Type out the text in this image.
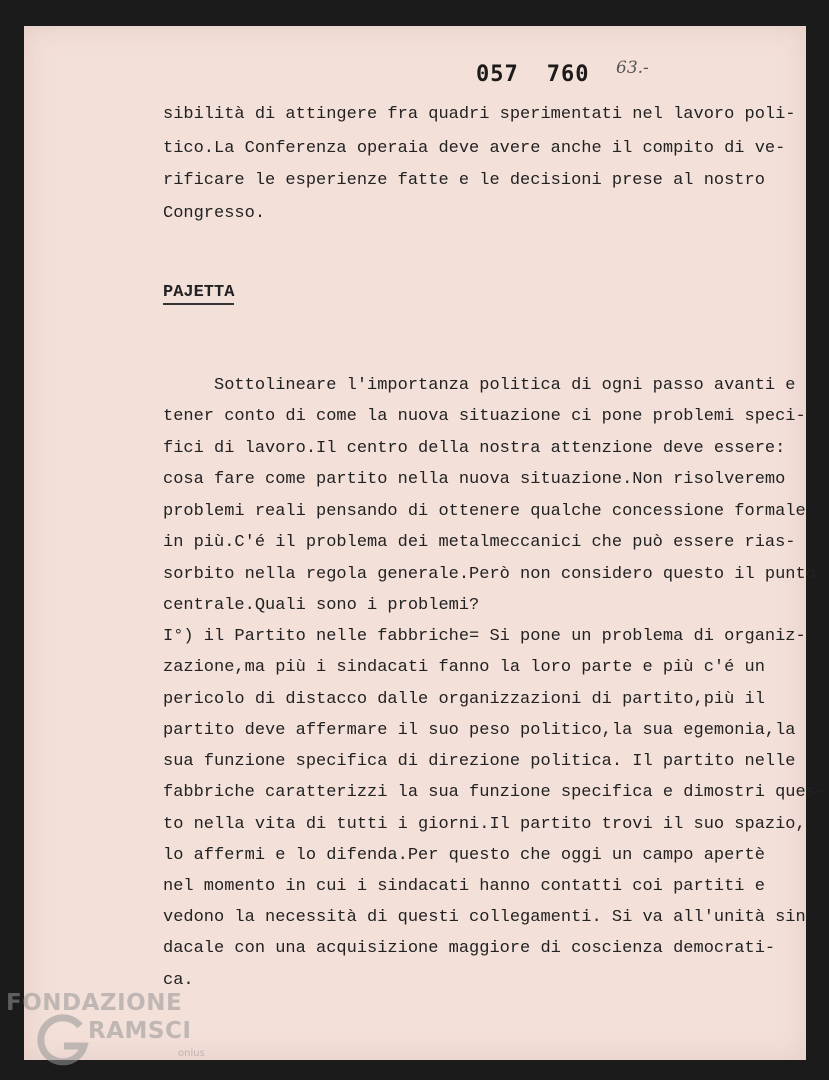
057 760	63.-
sibilità di attingere fra quadri sperimentati nel lavoro poli-
tico.La Conferenza operaia deve avere anche il compito di ve-
rificare le esperienze fatte e le decisioni prese al nostro
Congresso.
PAJETTA
Sottolineare l'importanza politica di ogni passo avanti e
tener conto di come la nuova situazione ci pone problemi speci-
fici di lavoro.Il centro della nostra attenzione deve essere:
cosa fare come partito nella nuova situazione.Non risolveremo
problemi reali pensando di ottenere qualche concessione formale
in più.C'é il problema dei metalmeccanici che può essere rias-
sorbito nella regola generale.Però non considero questo il punto
centrale.Quali sono i problemi?
I°) il Partito nelle fabbriche= Si pone un problema di organiz-
zazione,ma più i sindacati fanno la loro parte e più c'é un
pericolo di distacco dalle organizzazioni di partito,più il
partito deve affermare il suo peso politico,la sua egemonia,la
sua funzione specifica di direzione politica. Il partito nelle
fabbriche caratterizzi la sua funzione specifica e dimostri ques-
to nella vita di tutti i giorni.Il partito trovi il suo spazio,
lo affermi e lo difenda.Per questo che oggi un campo apertè
nel momento in cui i sindacati hanno contatti coi partiti e
vedono la necessità di questi collegamenti. Si va all'unità sin
dacale con una acquisizione maggiore di coscienza democrati-
ca.
FONDAZIONE
RAMSCI
onlus
